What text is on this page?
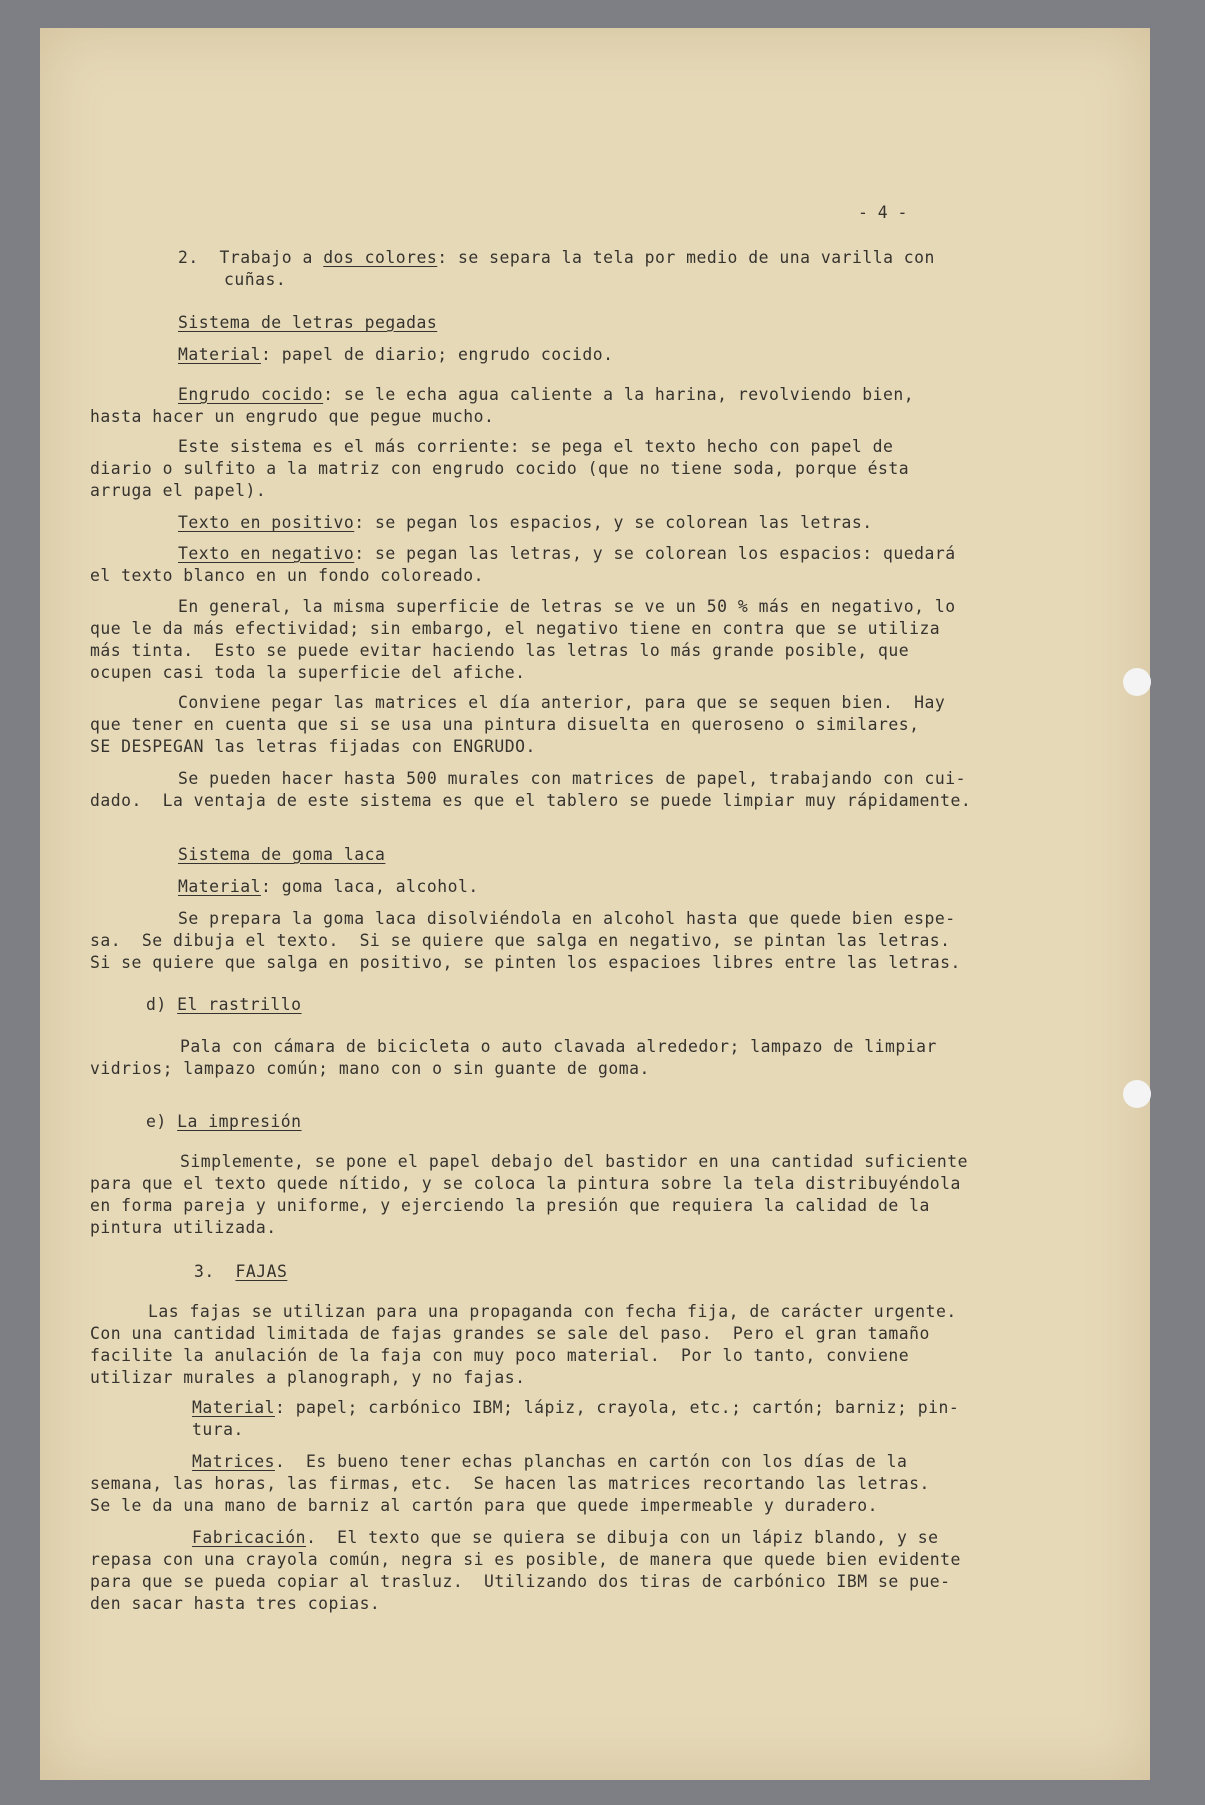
- 4 -
2. Trabajo a dos colores: se separa la tela por medio de una varilla con
cuñas.
Sistema de letras pegadas
Material: papel de diario; engrudo cocido.
Engrudo cocido: se le echa agua caliente a la harina, revolviendo bien,
hasta hacer un engrudo que pegue mucho.
Este sistema es el más corriente: se pega el texto hecho con papel de
diario o sulfito a la matriz con engrudo cocido (que no tiene soda, porque ésta
arruga el papel).
Texto en positivo: se pegan los espacios, y se colorean las letras.
Texto en negativo: se pegan las letras, y se colorean los espacios: quedará
el texto blanco en un fondo coloreado.
En general, la misma superficie de letras se ve un 50 % más en negativo, lo
que le da más efectividad; sin embargo, el negativo tiene en contra que se utiliza
más tinta.  Esto se puede evitar haciendo las letras lo más grande posible, que
ocupen casi toda la superficie del afiche.
Conviene pegar las matrices el día anterior, para que se sequen bien.  Hay
que tener en cuenta que si se usa una pintura disuelta en queroseno o similares,
SE DESPEGAN las letras fijadas con ENGRUDO.
Se pueden hacer hasta 500 murales con matrices de papel, trabajando con cui-
dado.  La ventaja de este sistema es que el tablero se puede limpiar muy rápidamente.
Sistema de goma laca
Material: goma laca, alcohol.
Se prepara la goma laca disolviéndola en alcohol hasta que quede bien espe-
sa.  Se dibuja el texto.  Si se quiere que salga en negativo, se pintan las letras.
Si se quiere que salga en positivo, se pinten los espacioes libres entre las letras.
d) El rastrillo
Pala con cámara de bicicleta o auto clavada alrededor; lampazo de limpiar
vidrios; lampazo común; mano con o sin guante de goma.
e) La impresión
Simplemente, se pone el papel debajo del bastidor en una cantidad suficiente
para que el texto quede nítido, y se coloca la pintura sobre la tela distribuyéndola
en forma pareja y uniforme, y ejerciendo la presión que requiera la calidad de la
pintura utilizada.
3. FAJAS
Las fajas se utilizan para una propaganda con fecha fija, de carácter urgente.
Con una cantidad limitada de fajas grandes se sale del paso.  Pero el gran tamaño
facilite la anulación de la faja con muy poco material.  Por lo tanto, conviene
utilizar murales a planograph, y no fajas.
Material: papel; carbónico IBM; lápiz, crayola, etc.; cartón; barniz; pin-
tura.
Matrices.  Es bueno tener echas planchas en cartón con los días de la
semana, las horas, las firmas, etc.  Se hacen las matrices recortando las letras.
Se le da una mano de barniz al cartón para que quede impermeable y duradero.
Fabricación.  El texto que se quiera se dibuja con un lápiz blando, y se
repasa con una crayola común, negra si es posible, de manera que quede bien evidente
para que se pueda copiar al trasluz.  Utilizando dos tiras de carbónico IBM se pue-
den sacar hasta tres copias.
